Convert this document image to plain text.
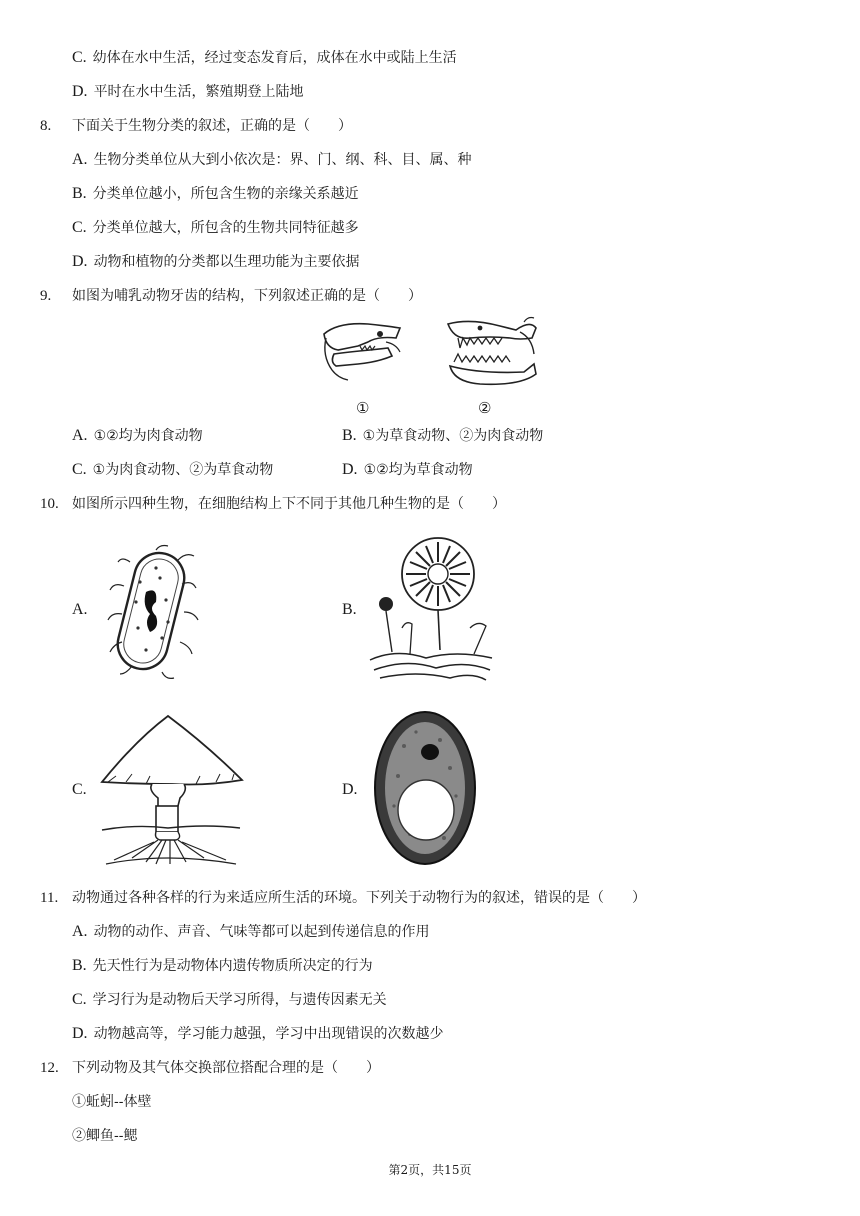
C. 幼体在水中生活，经过变态发育后，成体在水中或陆上生活
D. 平时在水中生活，繁殖期登上陆地
8. 下面关于生物分类的叙述，正确的是（　　）
A. 生物分类单位从大到小依次是：界、门、纲、科、目、属、种
B. 分类单位越小，所包含生物的亲缘关系越近
C. 分类单位越大，所包含的生物共同特征越多
D. 动物和植物的分类都以生理功能为主要依据
9. 如图为哺乳动物牙齿的结构，下列叙述正确的是（　　）
①	②
A. ①②均为肉食动物	B. ①为草食动物、②为肉食动物
C. ①为肉食动物、②为草食动物	D. ①②均为草食动物
10. 如图所示四种生物，在细胞结构上下不同于其他几种生物的是（　　）
A.	B.
C.	D.
11. 动物通过各种各样的行为来适应所生活的环境。下列关于动物行为的叙述，错误的是（　　）
A. 动物的动作、声音、气味等都可以起到传递信息的作用
B. 先天性行为是动物体内遗传物质所决定的行为
C. 学习行为是动物后天学习所得，与遗传因素无关
D. 动物越高等，学习能力越强，学习中出现错误的次数越少
12. 下列动物及其气体交换部位搭配合理的是（　　）
①蚯蚓--体壁
②鲫鱼--鳃
第2页，共15页
